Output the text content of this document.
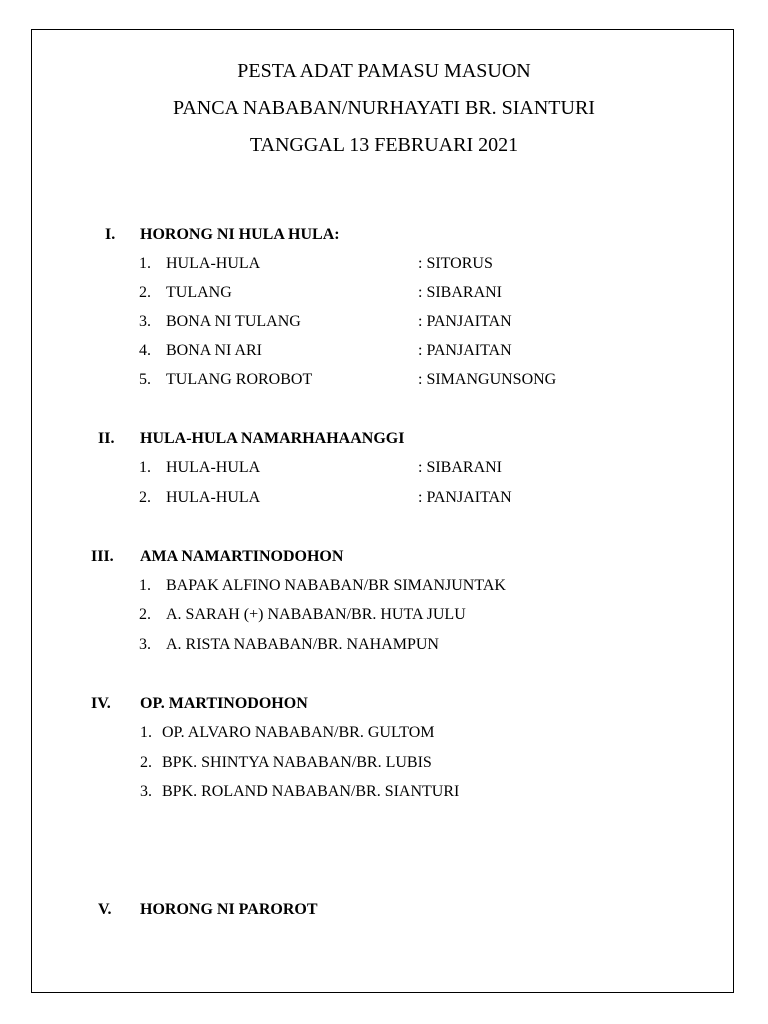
PESTA ADAT PAMASU MASUON
PANCA NABABAN/NURHAYATI BR. SIANTURI
TANGGAL 13 FEBRUARI 2021
I. HORONG NI HULA HULA:
1. HULA-HULA	: SITORUS
2. TULANG	: SIBARANI
3. BONA NI TULANG	: PANJAITAN
4. BONA NI ARI	: PANJAITAN
5. TULANG ROROBOT	: SIMANGUNSONG
II. HULA-HULA NAMARHAHAANGGI
1. HULA-HULA	: SIBARANI
2. HULA-HULA	: PANJAITAN
III. AMA NAMARTINODOHON
1. BAPAK ALFINO NABABAN/BR SIMANJUNTAK
2. A. SARAH (+) NABABAN/BR. HUTA JULU
3. A. RISTA NABABAN/BR. NAHAMPUN
IV. OP. MARTINODOHON
1. OP. ALVARO NABABAN/BR. GULTOM
2. BPK. SHINTYA NABABAN/BR. LUBIS
3. BPK. ROLAND NABABAN/BR. SIANTURI
V. HORONG NI PAROROT
